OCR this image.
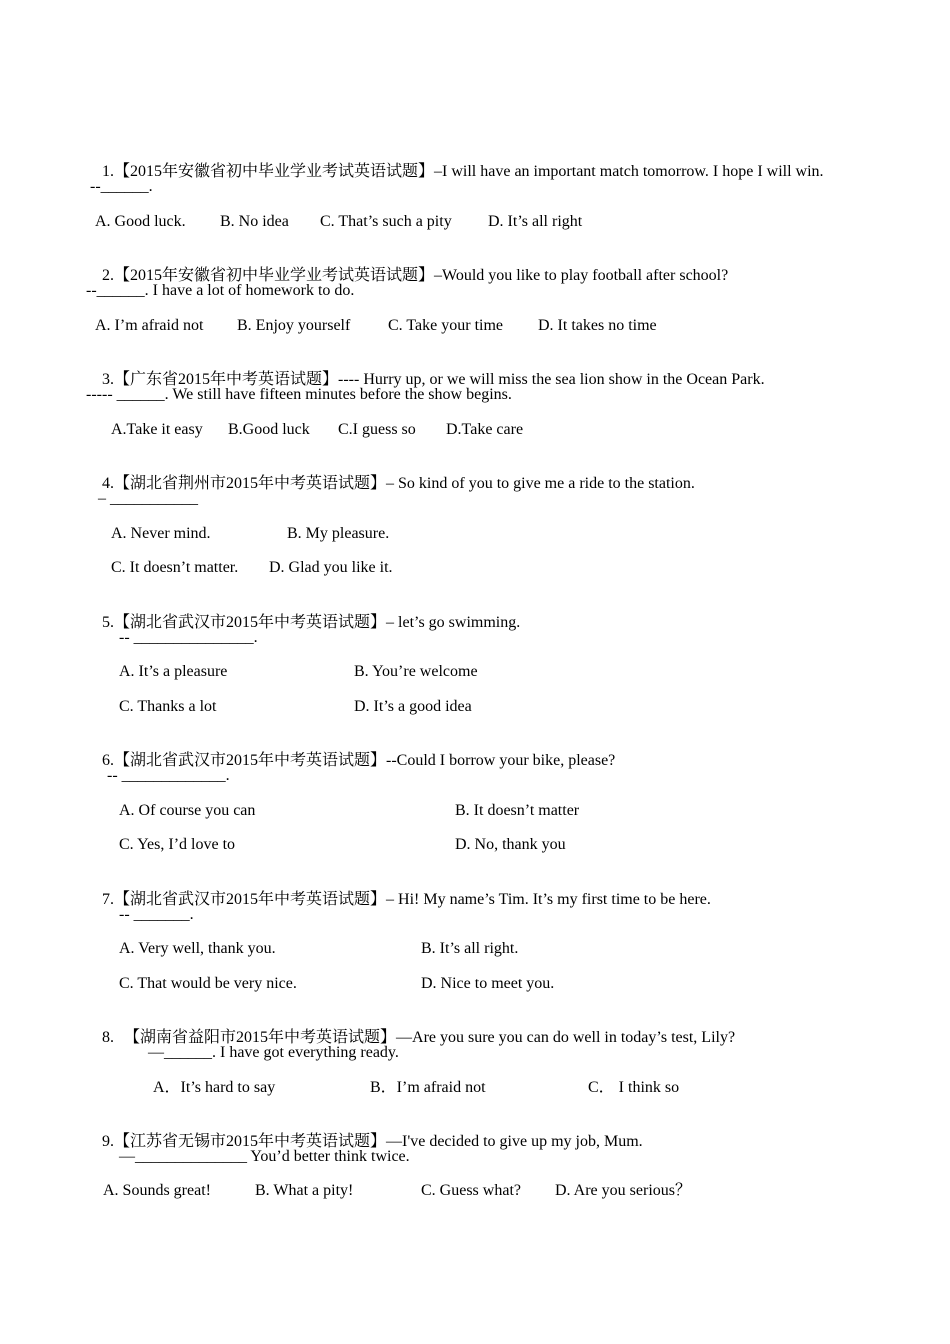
1.【2015年安徽省初中毕业学业考试英语试题】–I will have an important match tomorrow. I hope I will win.

--______.
A. Good luck. B. No idea C. That’s such a pity D. It’s all right

2.【2015年安徽省初中毕业学业考试英语试题】–Would you like to play football after school?

--______. I have a lot of homework to do.
A. I’m afraid not B. Enjoy yourself C. Take your time D. It takes no time

3.【广东省2015年中考英语试题】---- Hurry up, or we will miss the sea lion show in the Ocean Park.

----- ______. We still have fifteen minutes before the show begins.
A.Take it easy B.Good luck C.I guess so D.Take care

4.【湖北省荆州市2015年中考英语试题】– So kind of you to give me a ride to the station.

– ___________
A. Never mind.	B. My pleasure.
C. It doesn’t matter. D. Glad you like it.

5.【湖北省武汉市2015年中考英语试题】– let’s go swimming.

-- _______________.
A. It’s a pleasure	B. You’re welcome
C. Thanks a lot	D. It’s a good idea

6.【湖北省武汉市2015年中考英语试题】--Could I borrow your bike, please?

-- _____________.
A. Of course you can	B. It doesn’t matter
C. Yes, I’d love to	D. No, thank you

7.【湖北省武汉市2015年中考英语试题】– Hi! My name’s Tim. It’s my first time to be here.

-- _______.
A. Very well, thank you.	B. It’s all right.
C. That would be very nice.	D. Nice to meet you.

8. 【湖南省益阳市2015年中考英语试题】—Are you sure you can do well in today’s test, Lily?

—______. I have got everything ready.
A．It’s hard to say	B．I’m afraid not	C． I think so

9.【江苏省无锡市2015年中考英语试题】—I've decided to give up my job, Mum.

—______________ You’d better think twice.
A. Sounds great!	B. What a pity!	C. Guess what? D. Are you serious？
